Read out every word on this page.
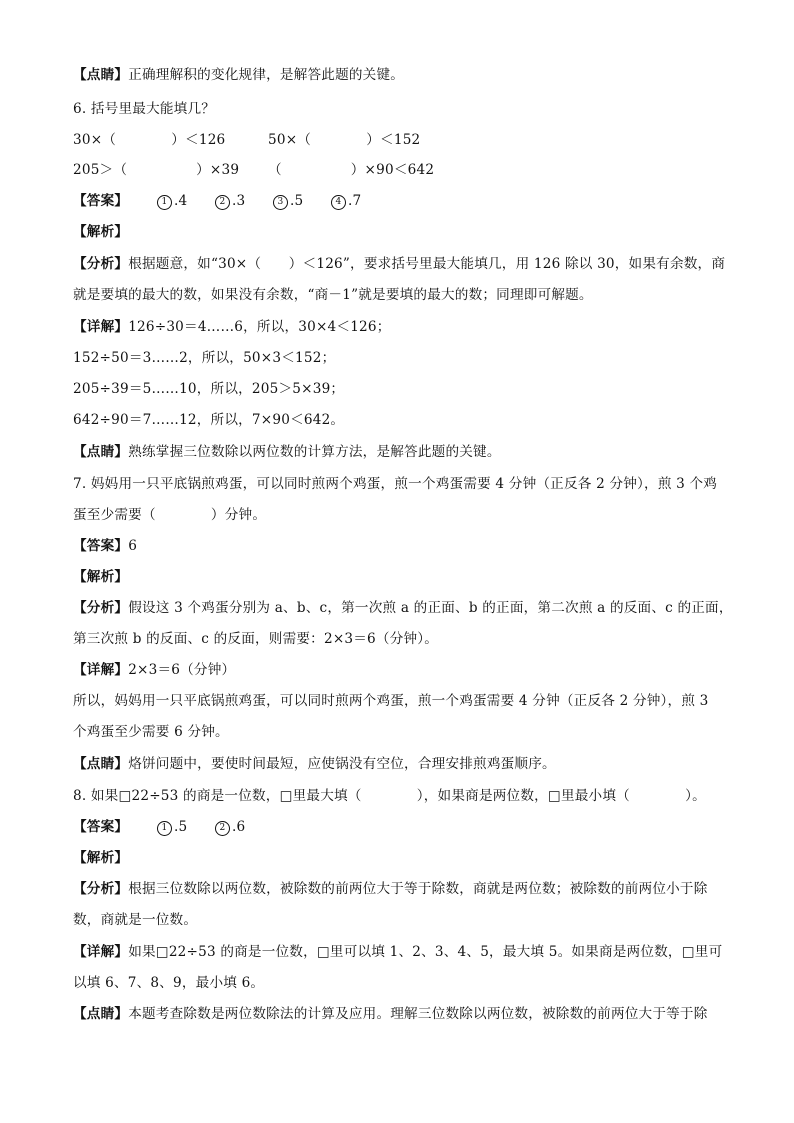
【点睛】正确理解积的变化规律，是解答此题的关键。
6. 括号里最大能填几？
30×（　　　　）＜126	50×（　　　　）＜152
205＞（　　　　　）×39 （　　　　　）×90＜642
【答案】	1 .4	2 .3	3 .5	4 .7
【解析】
【分析】根据题意，如“30×（　　）＜126”，要求括号里最大能填几，用 126 除以 30，如果有余数，商
就是要填的最大的数，如果没有余数，“商－1”就是要填的最大的数；同理即可解题。
【详解】126÷30＝4……6，所以，30×4＜126；
152÷50＝3……2，所以，50×3＜152；
205÷39＝5……10，所以，205＞5×39；
642÷90＝7……12，所以，7×90＜642。
【点睛】熟练掌握三位数除以两位数的计算方法，是解答此题的关键。
7. 妈妈用一只平底锅煎鸡蛋，可以同时煎两个鸡蛋，煎一个鸡蛋需要 4 分钟（正反各 2 分钟），煎 3 个鸡
蛋至少需要（　　　　）分钟。
【答案】6
【解析】
【分析】假设这 3 个鸡蛋分别为 a、b、c，第一次煎 a 的正面、b 的正面，第二次煎 a 的反面、c 的正面，
第三次煎 b 的反面、c 的反面，则需要：2×3＝6（分钟）。
【详解】2×3＝6（分钟）
所以，妈妈用一只平底锅煎鸡蛋，可以同时煎两个鸡蛋，煎一个鸡蛋需要 4 分钟（正反各 2 分钟），煎 3
个鸡蛋至少需要 6 分钟。
【点睛】烙饼问题中，要使时间最短，应使锅没有空位，合理安排煎鸡蛋顺序。
8. 如果□22÷53 的商是一位数，□里最大填（　　　　），如果商是两位数，□里最小填（　　　　）。
【答案】	1 .5	2 .6
【解析】
【分析】根据三位数除以两位数，被除数的前两位大于等于除数，商就是两位数；被除数的前两位小于除
数，商就是一位数。
【详解】如果□22÷53 的商是一位数，□里可以填 1、2、3、4、5，最大填 5。如果商是两位数，□里可
以填 6、7、8、9，最小填 6。
【点睛】本题考查除数是两位数除法的计算及应用。理解三位数除以两位数，被除数的前两位大于等于除
